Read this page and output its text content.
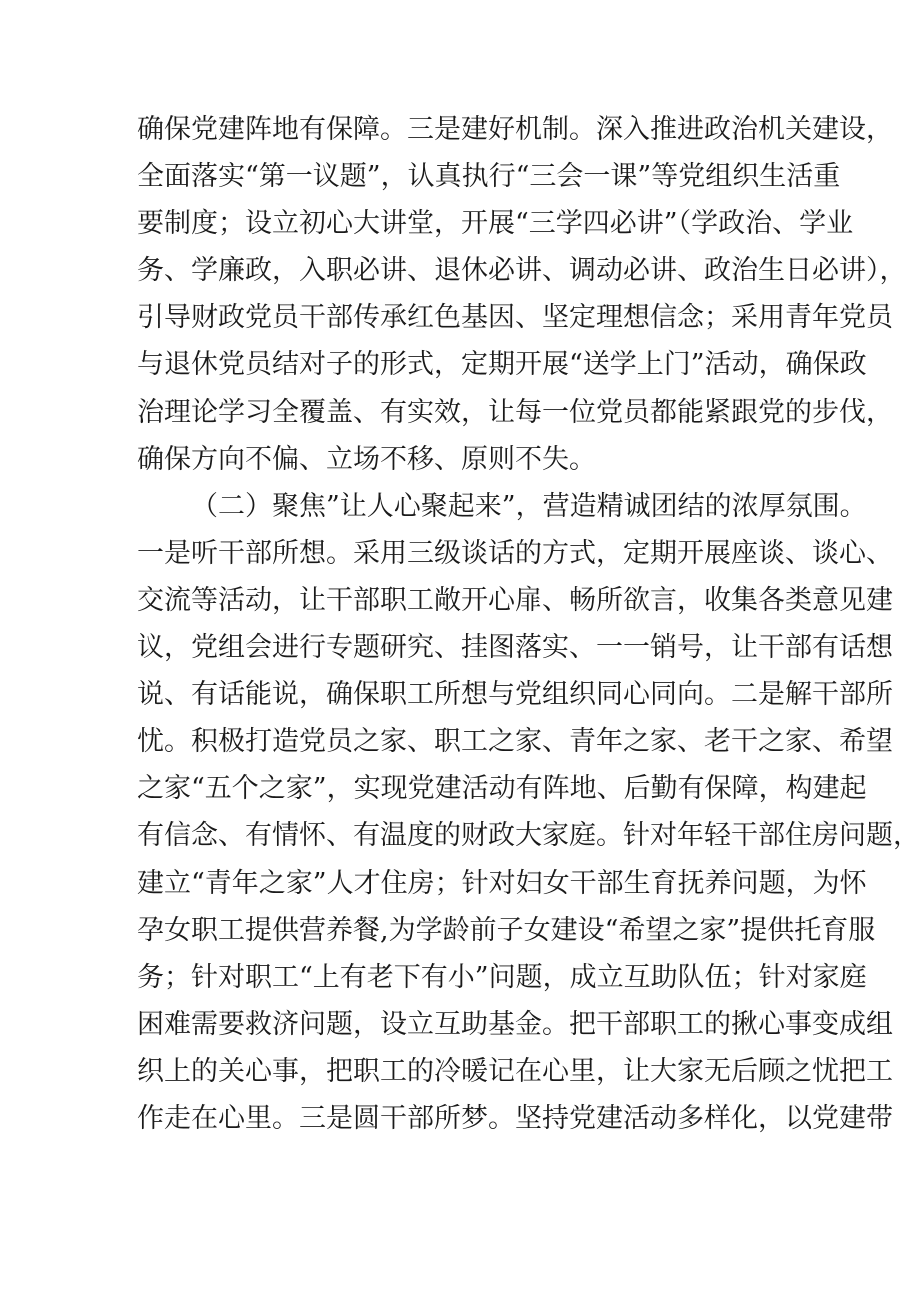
确保党建阵地有保障。三是建好机制。深入推进政治机关建设，
全面落实“第一议题”，认真执行“三会一课”等党组织生活重
要制度；设立初心大讲堂，开展“三学四必讲”（学政治、学业
务、学廉政，入职必讲、退休必讲、调动必讲、政治生日必讲），
引导财政党员干部传承红色基因、坚定理想信念；采用青年党员
与退休党员结对子的形式，定期开展“送学上门”活动，确保政
治理论学习全覆盖、有实效，让每一位党员都能紧跟党的步伐，
确保方向不偏、立场不移、原则不失。
（二）聚焦”让人心聚起来”，营造精诚团结的浓厚氛围。
一是听干部所想。采用三级谈话的方式，定期开展座谈、谈心、
交流等活动，让干部职工敞开心扉、畅所欲言，收集各类意见建
议，党组会进行专题研究、挂图落实、一一销号，让干部有话想
说、有话能说，确保职工所想与党组织同心同向。二是解干部所
忧。积极打造党员之家、职工之家、青年之家、老干之家、希望
之家“五个之家”，实现党建活动有阵地、后勤有保障，构建起
有信念、有情怀、有温度的财政大家庭。针对年轻干部住房问题，
建立“青年之家”人才住房；针对妇女干部生育抚养问题，为怀
孕女职工提供营养餐,为学龄前子女建设“希望之家”提供托育服
务；针对职工“上有老下有小”问题，成立互助队伍；针对家庭
困难需要救济问题，设立互助基金。把干部职工的揪心事变成组
织上的关心事，把职工的冷暖记在心里，让大家无后顾之忧把工
作走在心里。三是圆干部所梦。坚持党建活动多样化，以党建带
